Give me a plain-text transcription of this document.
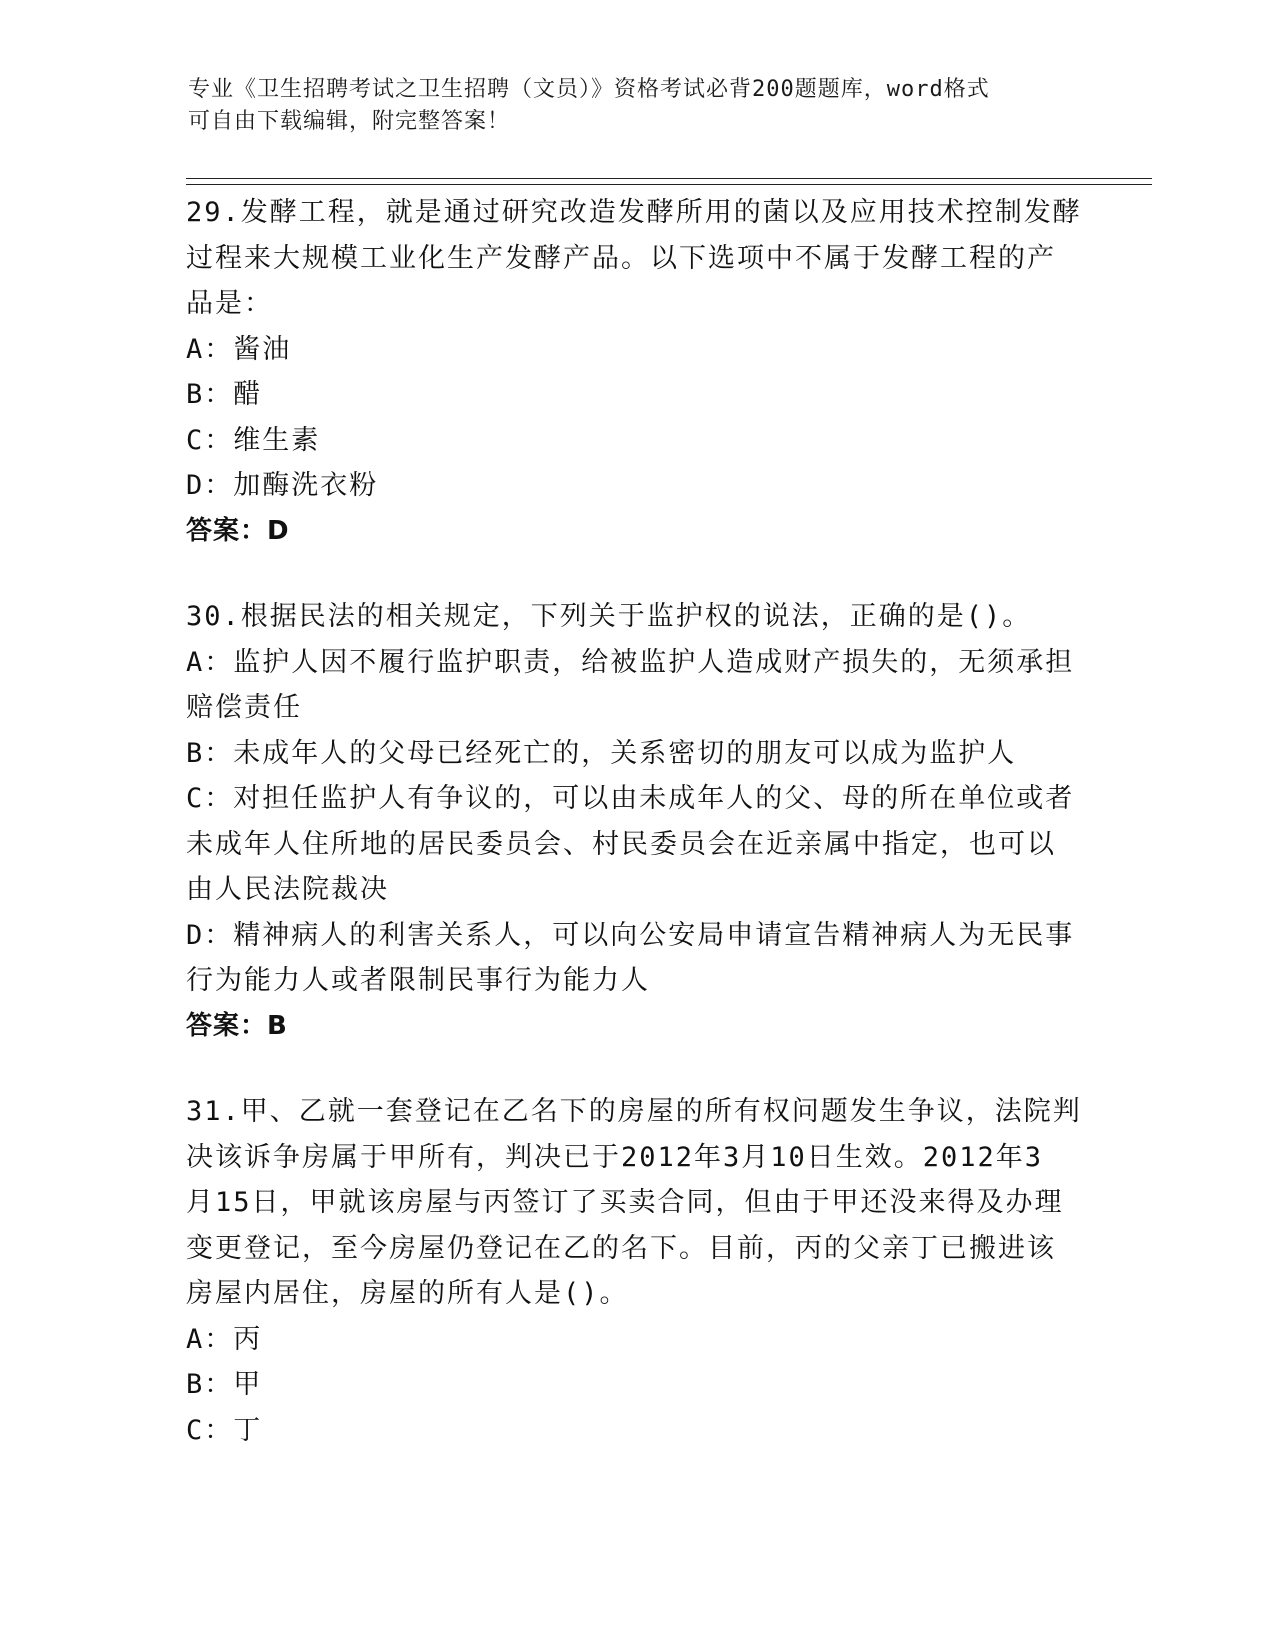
专业《卫生招聘考试之卫生招聘（文员）》资格考试必背200题题库，word格式
可自由下载编辑，附完整答案！
29.发酵工程，就是通过研究改造发酵所用的菌以及应用技术控制发酵
过程来大规模工业化生产发酵产品。以下选项中不属于发酵工程的产
品是：
A：酱油
B：醋
C：维生素
D：加酶洗衣粉
答案：D
30.根据民法的相关规定，下列关于监护权的说法，正确的是()。
A：监护人因不履行监护职责，给被监护人造成财产损失的，无须承担
赔偿责任
B：未成年人的父母已经死亡的，关系密切的朋友可以成为监护人
C：对担任监护人有争议的，可以由未成年人的父、母的所在单位或者
未成年人住所地的居民委员会、村民委员会在近亲属中指定，也可以
由人民法院裁决
D：精神病人的利害关系人，可以向公安局申请宣告精神病人为无民事
行为能力人或者限制民事行为能力人
答案：B
31.甲、乙就一套登记在乙名下的房屋的所有权问题发生争议，法院判
决该诉争房属于甲所有，判决已于2012年3月10日生效。2012年3
月15日，甲就该房屋与丙签订了买卖合同，但由于甲还没来得及办理
变更登记，至今房屋仍登记在乙的名下。目前，丙的父亲丁已搬进该
房屋内居住，房屋的所有人是()。
A：丙
B：甲
C：丁
